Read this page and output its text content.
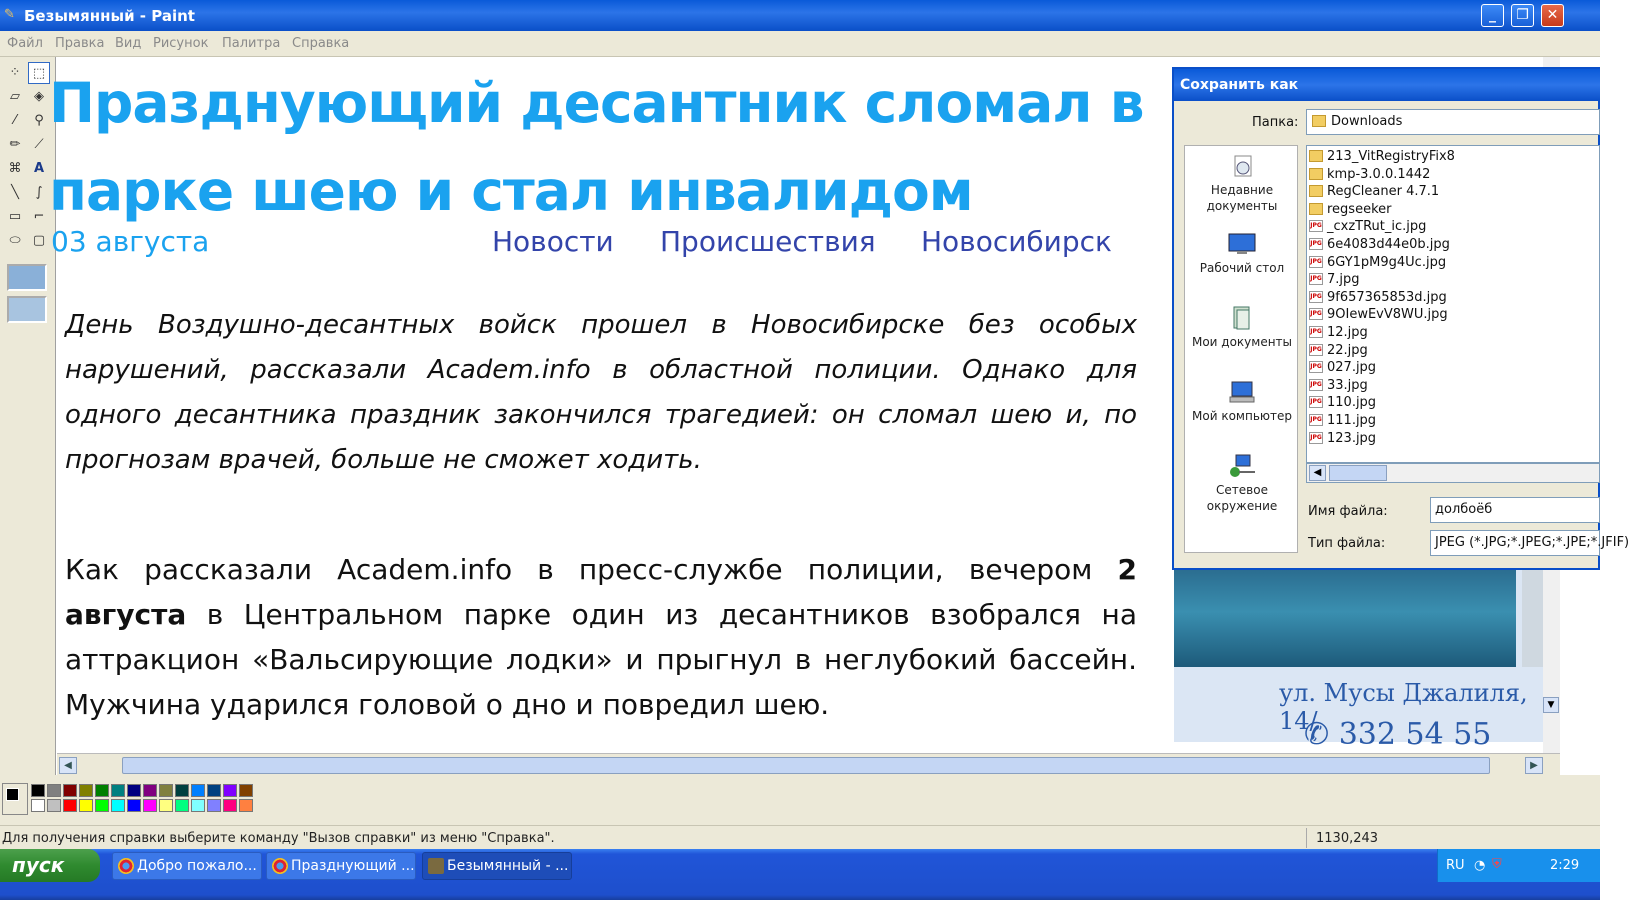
✎ Безымянный - Paint	_	❐	✕
Файл Правка Вид Рисунок Палитра Справка
⁘ ⬚
▱	◈
⁄	⚲
✏	⟋
⌘ A
╲	∫
▭ ⌐
⬭ ▢
Празднующий десантник сломал в парке шею и стал инвалидом
03 августа	Новости Происшествия Новосибирск
День Воздушно-десантных войск прошел в Новосибирске без особых нарушений, рассказали Academ.info в областной полиции. Однако для одного десантника праздник закончился трагедией: он сломал шею и, по прогнозам врачей, больше не сможет ходить.
Как рассказали Academ.info в пресс-службе полиции, вечером 2 августа в Центральном парке один из десантников взобрался на аттракцион «Вальсирующие лодки» и прыгнул в неглубокий бассейн. Мужчина ударился головой о дно и повредил шею.	ул. Мусы Джалиля, 14/
✆ 332 54 55
▼
◀	▶
Сохранить как
Папка:	Downloads
Недавние документы
Рабочий стол
Мои документы
Мой компьютер
Сетевое окружение
213_VitRegistryFix8
kmp-3.0.0.1442
RegCleaner 4.7.1
regseeker
JPG _cxzTRut_ic.jpg
JPG 6e4083d44e0b.jpg
JPG 6GY1pM9g4Uc.jpg
JPG 7.jpg
JPG 9f657365853d.jpg
JPG 9OIewEvV8WU.jpg
JPG 12.jpg
JPG 22.jpg
JPG 027.jpg
JPG 33.jpg
JPG 110.jpg
JPG 111.jpg
JPG 123.jpg
◀
Имя файла:	долбоёб
Тип файла:	JPEG (*.JPG;*.JPEG;*.JPE;*.JFIF)
Для получения справки выберите команду "Вызов справки" из меню "Справка".	1130,243
пуск	Добро пожало...	Празднующий ...	Безымянный - ...	RU ◔ ⛨	2:29
